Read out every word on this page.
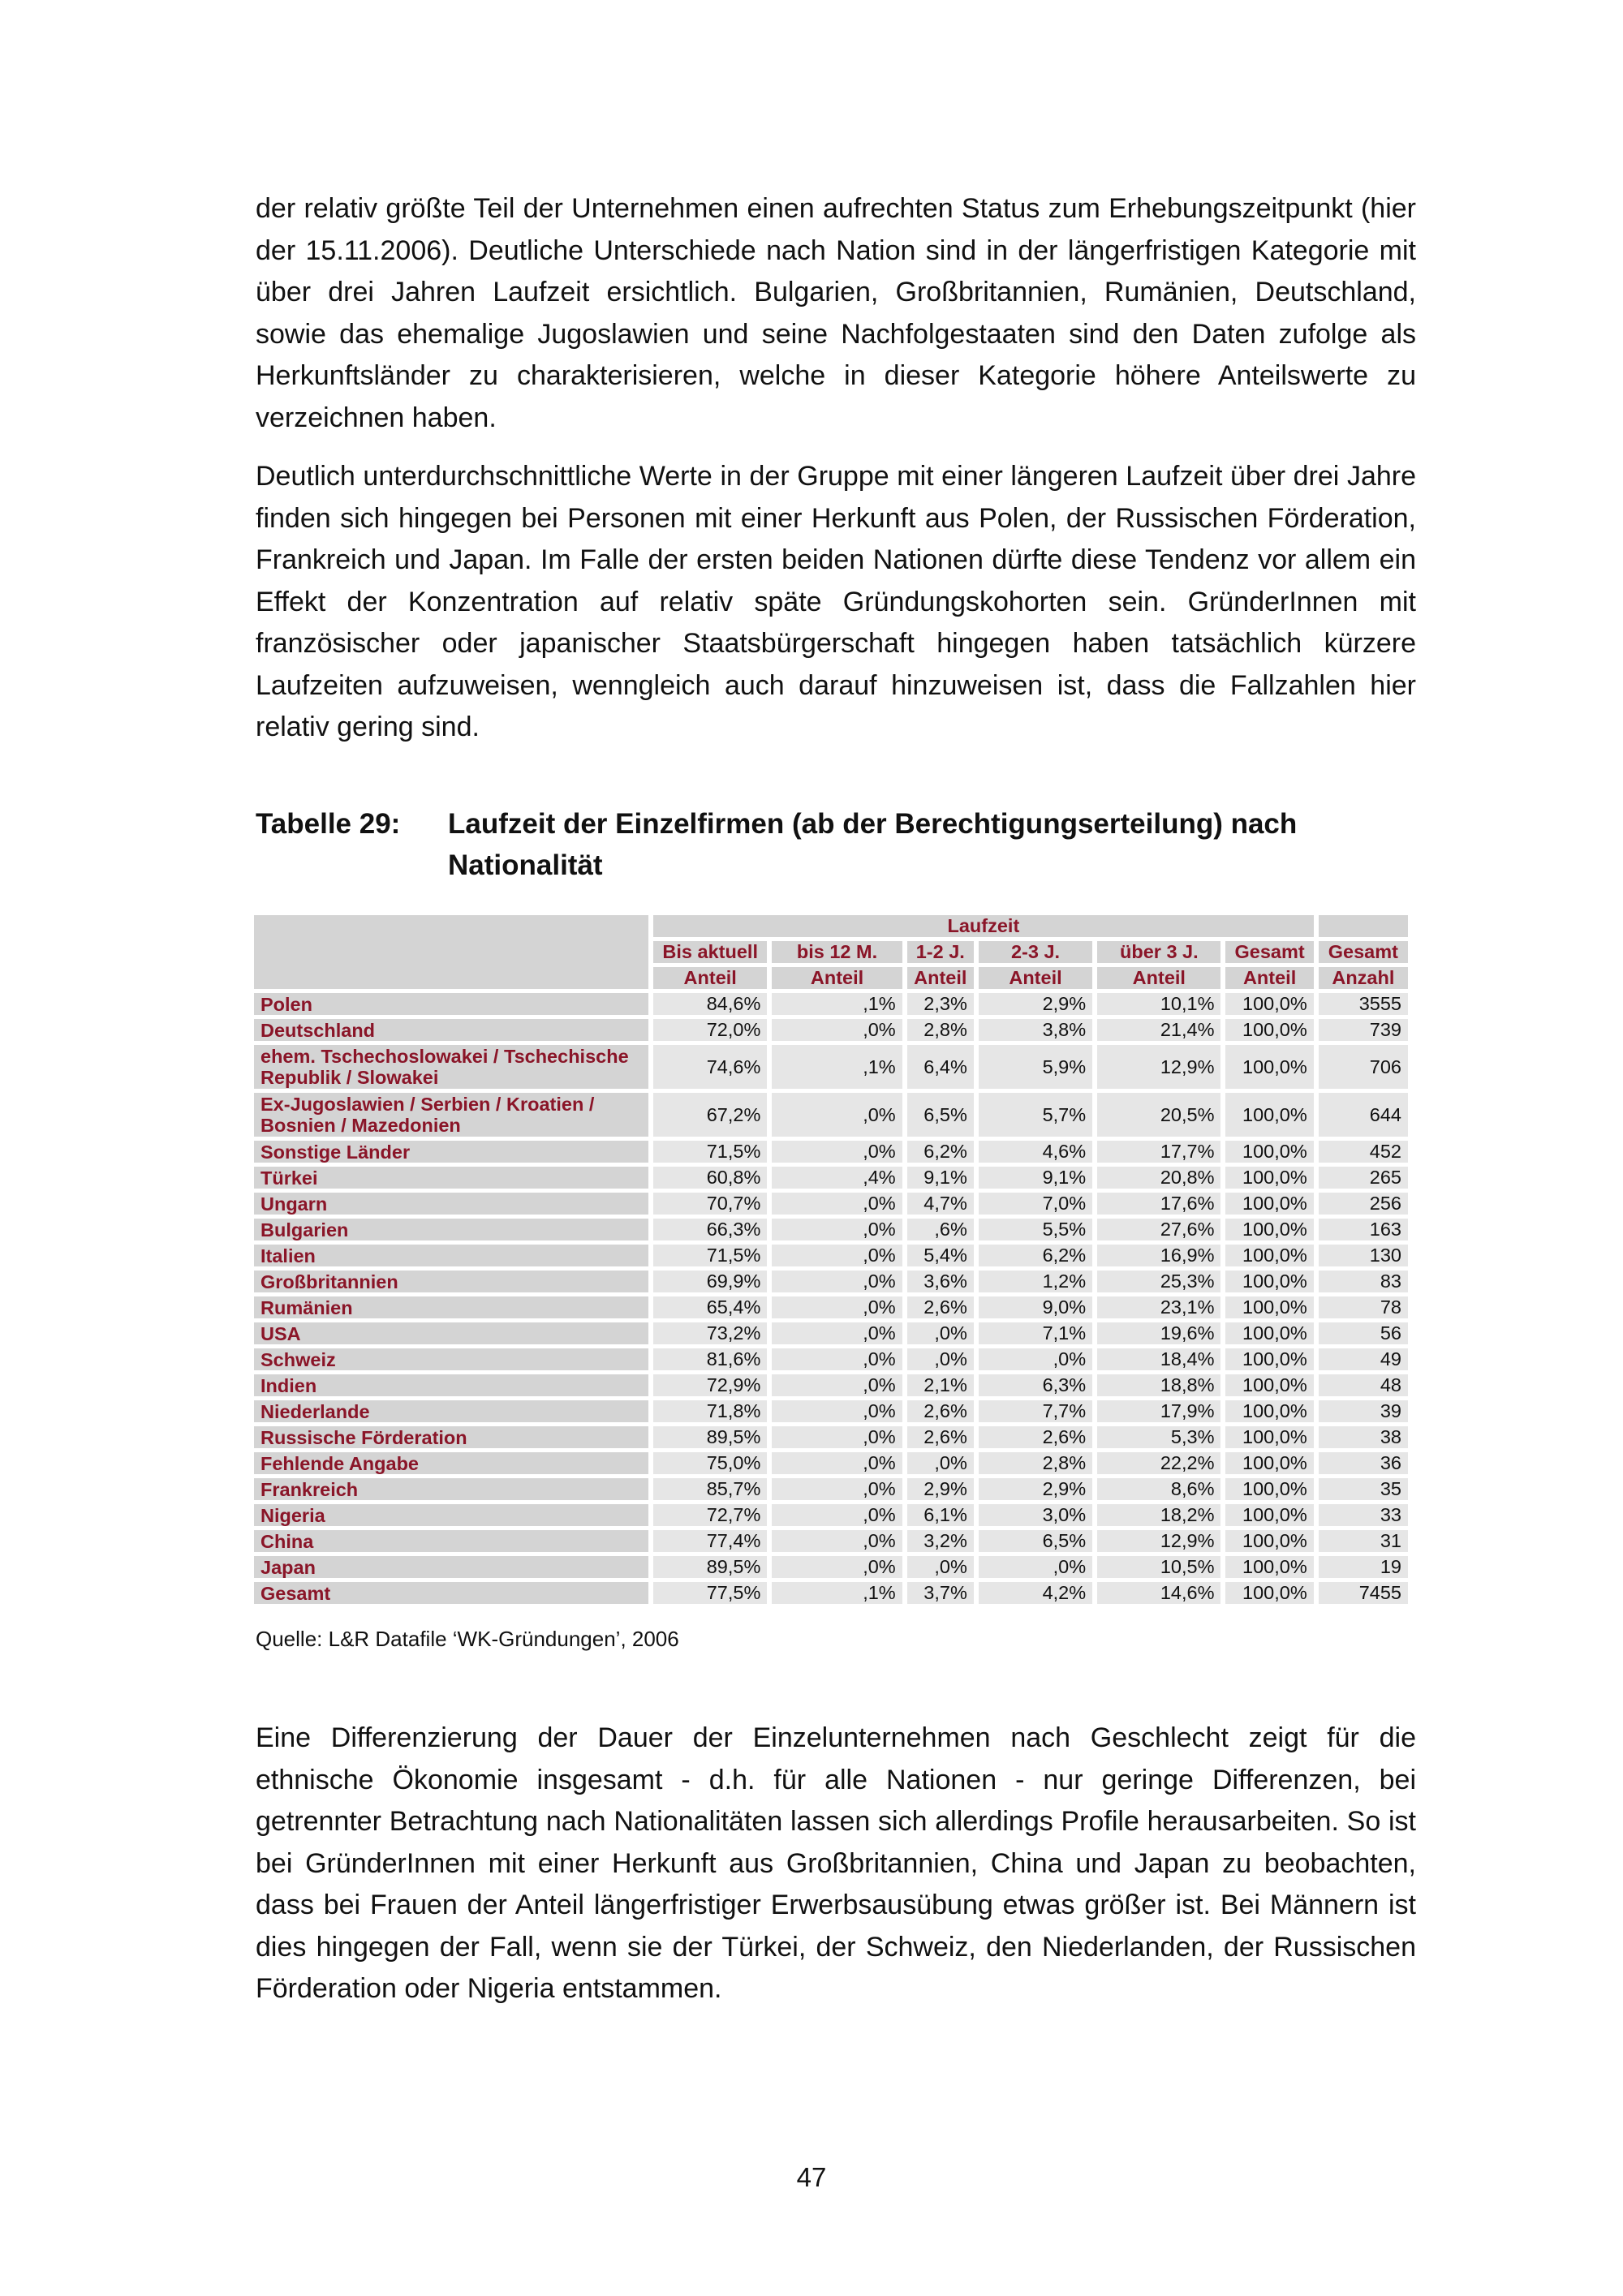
der relativ größte Teil der Unternehmen einen aufrechten Status zum Erhebungszeitpunkt (hier der 15.11.2006). Deutliche Unterschiede nach Nation sind in der längerfristigen Kategorie mit über drei Jahren Laufzeit ersichtlich. Bulgarien, Großbritannien, Rumänien, Deutschland, sowie das ehemalige Jugoslawien und seine Nachfolgestaaten sind den Daten zufolge als Herkunftsländer zu charakterisieren, welche in dieser Kategorie höhere Anteilswerte zu verzeichnen haben.

Deutlich unterdurchschnittliche Werte in der Gruppe mit einer längeren Laufzeit über drei Jahre finden sich hingegen bei Personen mit einer Herkunft aus Polen, der Russischen Förderation, Frankreich und Japan. Im Falle der ersten beiden Nationen dürfte diese Tendenz vor allem ein Effekt der Konzentration auf relativ späte Gründungskohorten sein. GründerInnen mit französischer oder japanischer Staatsbürgerschaft hingegen haben tatsächlich kürzere Laufzeiten aufzuweisen, wenngleich auch darauf hinzuweisen ist, dass die Fallzahlen hier relativ gering sind.

Tabelle 29:	Laufzeit der Einzelfirmen (ab der Berechtigungserteilung) nach Nationalität
	Laufzeit						
	Bis aktuell	bis 12 M.	1-2 J.	2-3 J.	über 3 J.	Gesamt	Gesamt
	Anteil	Anteil	Anteil	Anteil	Anteil	Anteil	Anzahl
Polen	84,6%	,1%	2,3%	2,9%	10,1%	100,0%	3555
Deutschland	72,0%	,0%	2,8%	3,8%	21,4%	100,0%	739
ehem. Tschechoslowakei / Tschechische Republik / Slowakei	74,6%	,1%	6,4%	5,9%	12,9%	100,0%	706
Ex-Jugoslawien / Serbien / Kroatien / Bosnien / Mazedonien	67,2%	,0%	6,5%	5,7%	20,5%	100,0%	644
Sonstige Länder	71,5%	,0%	6,2%	4,6%	17,7%	100,0%	452
Türkei	60,8%	,4%	9,1%	9,1%	20,8%	100,0%	265
Ungarn	70,7%	,0%	4,7%	7,0%	17,6%	100,0%	256
Bulgarien	66,3%	,0%	,6%	5,5%	27,6%	100,0%	163
Italien	71,5%	,0%	5,4%	6,2%	16,9%	100,0%	130
Großbritannien	69,9%	,0%	3,6%	1,2%	25,3%	100,0%	83
Rumänien	65,4%	,0%	2,6%	9,0%	23,1%	100,0%	78
USA	73,2%	,0%	,0%	7,1%	19,6%	100,0%	56
Schweiz	81,6%	,0%	,0%	,0%	18,4%	100,0%	49
Indien	72,9%	,0%	2,1%	6,3%	18,8%	100,0%	48
Niederlande	71,8%	,0%	2,6%	7,7%	17,9%	100,0%	39
Russische Förderation	89,5%	,0%	2,6%	2,6%	5,3%	100,0%	38
Fehlende Angabe	75,0%	,0%	,0%	2,8%	22,2%	100,0%	36
Frankreich	85,7%	,0%	2,9%	2,9%	8,6%	100,0%	35
Nigeria	72,7%	,0%	6,1%	3,0%	18,2%	100,0%	33
China	77,4%	,0%	3,2%	6,5%	12,9%	100,0%	31
Japan	89,5%	,0%	,0%	,0%	10,5%	100,0%	19
Gesamt	77,5%	,1%	3,7%	4,2%	14,6%	100,0%	7455
Quelle: L&R Datafile ‘WK-Gründungen’, 2006

Eine Differenzierung der Dauer der Einzelunternehmen nach Geschlecht zeigt für die ethnische Ökonomie insgesamt - d.h. für alle Nationen - nur geringe Differenzen, bei getrennter Betrachtung nach Nationalitäten lassen sich allerdings Profile herausarbeiten. So ist bei GründerInnen mit einer Herkunft aus Großbritannien, China und Japan zu beobachten, dass bei Frauen der Anteil längerfristiger Erwerbsausübung etwas größer ist. Bei Männern ist dies hingegen der Fall, wenn sie der Türkei, der Schweiz, den Niederlanden, der Russischen Förderation oder Nigeria entstammen.

47
